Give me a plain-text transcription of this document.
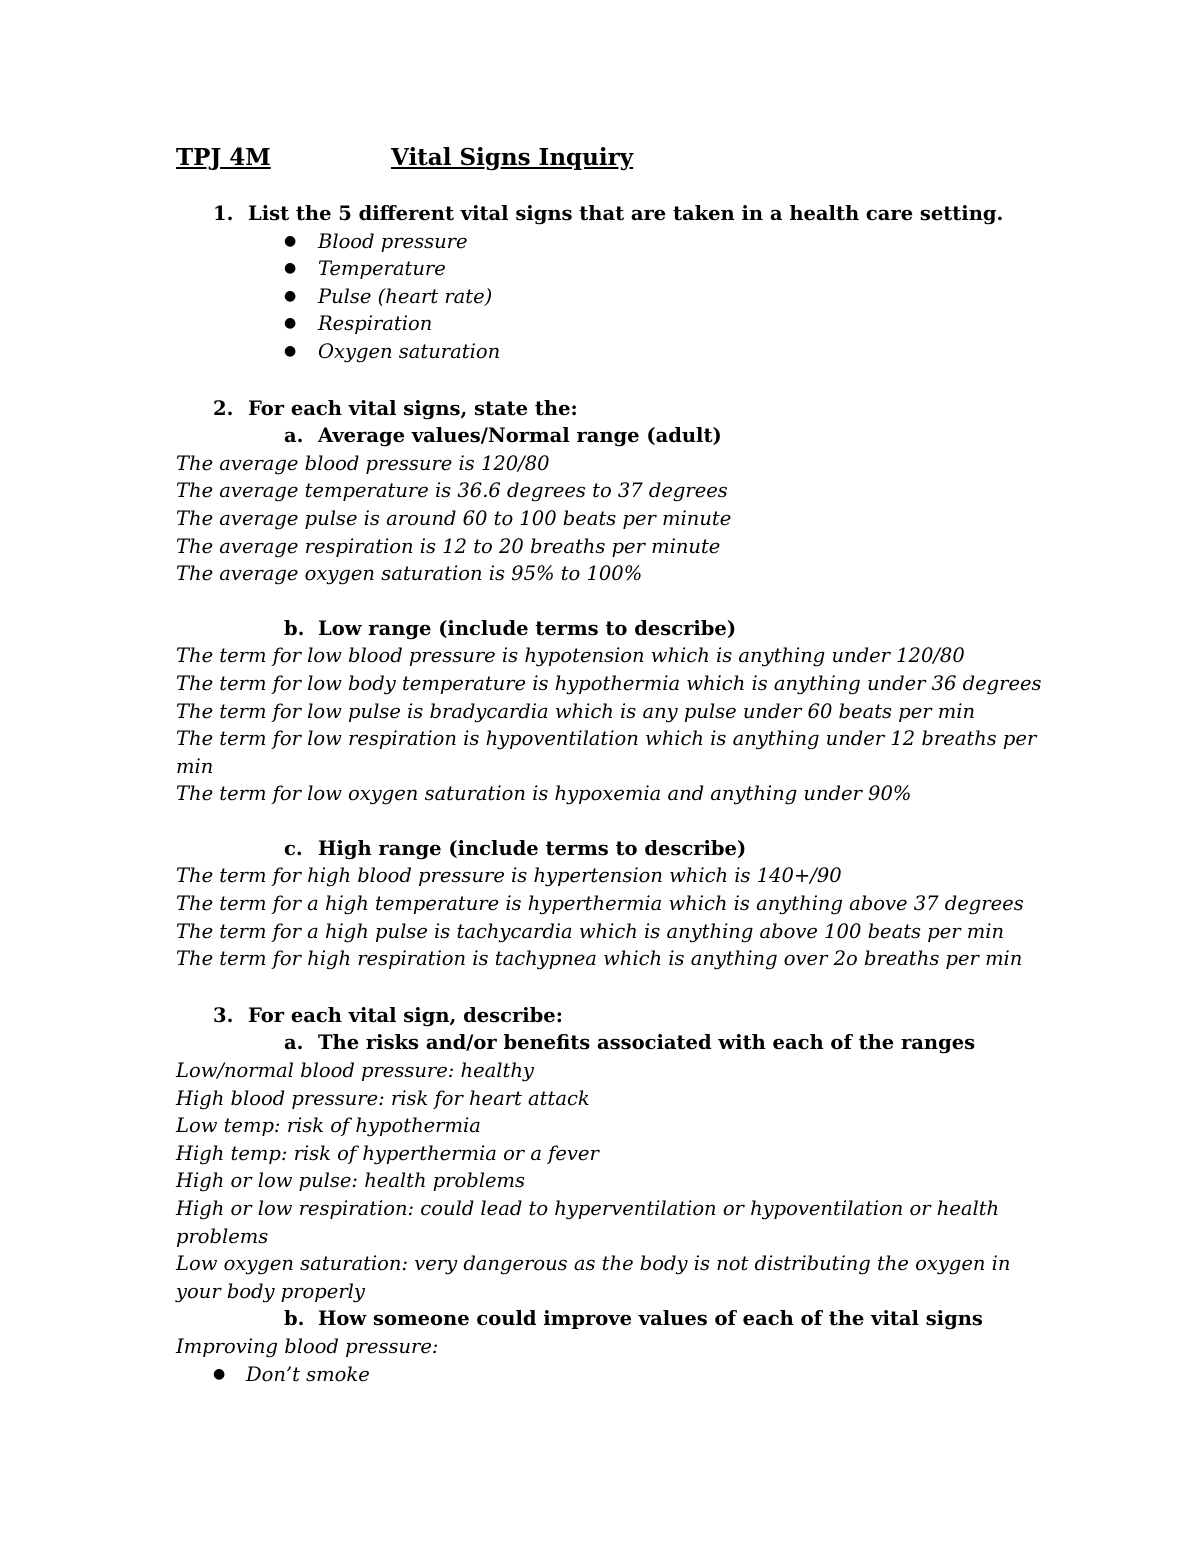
TPJ 4M	Vital Signs Inquiry
1. List the 5 different vital signs that are taken in a health care setting.
● Blood pressure
● Temperature
● Pulse (heart rate)
● Respiration
● Oxygen saturation
2. For each vital signs, state the:
a. Average values/Normal range (adult)
The average blood pressure is 120/80
The average temperature is 36.6 degrees to 37 degrees
The average pulse is around 60 to 100 beats per minute
The average respiration is 12 to 20 breaths per minute
The average oxygen saturation is 95% to 100%
b. Low range (include terms to describe)
The term for low blood pressure is hypotension which is anything under 120/80
The term for low body temperature is hypothermia which is anything under 36 degrees
The term for low pulse is bradycardia which is any pulse under 60 beats per min
The term for low respiration is hypoventilation which is anything under 12 breaths per min
The term for low oxygen saturation is hypoxemia and anything under 90%
c. High range (include terms to describe)
The term for high blood pressure is hypertension which is 140+/90
The term for a high temperature is hyperthermia which is anything above 37 degrees
The term for a high pulse is tachycardia which is anything above 100 beats per min
The term for high respiration is tachypnea which is anything over 2o breaths per min
3. For each vital sign, describe:
a. The risks and/or benefits associated with each of the ranges
Low/normal blood pressure: healthy
High blood pressure: risk for heart attack
Low temp: risk of hypothermia
High temp: risk of hyperthermia or a fever
High or low pulse: health problems
High or low respiration: could lead to hyperventilation or hypoventilation or health problems
Low oxygen saturation: very dangerous as the body is not distributing the oxygen in your body properly
b. How someone could improve values of each of the vital signs
Improving blood pressure:
● Don’t smoke
